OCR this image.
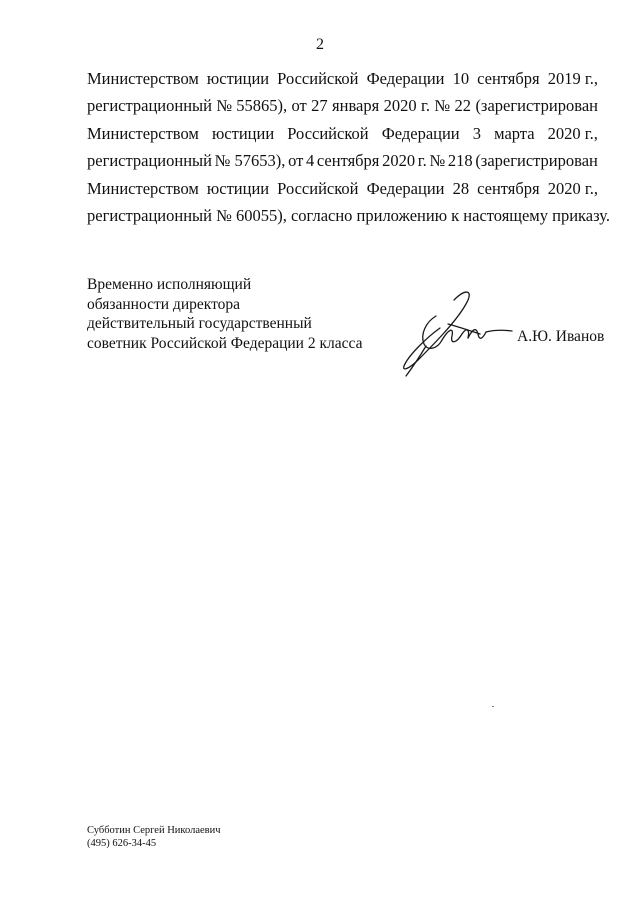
2
Министерством юстиции Российской Федерации 10 сентября 2019 г.,
регистрационный № 55865), от 27 января 2020 г. № 22 (зарегистрирован
Министерством юстиции Российской Федерации 3 марта 2020 г.,
регистрационный № 57653), от 4 сентября 2020 г. № 218 (зарегистрирован
Министерством юстиции Российской Федерации 28 сентября 2020 г.,
регистрационный № 60055), согласно приложению к настоящему приказу.
Временно исполняющий
обязанности директора
действительный государственный
советник Российской Федерации 2 класса	А.Ю. Иванов
Субботин Сергей Николаевич
(495) 626-34-45
